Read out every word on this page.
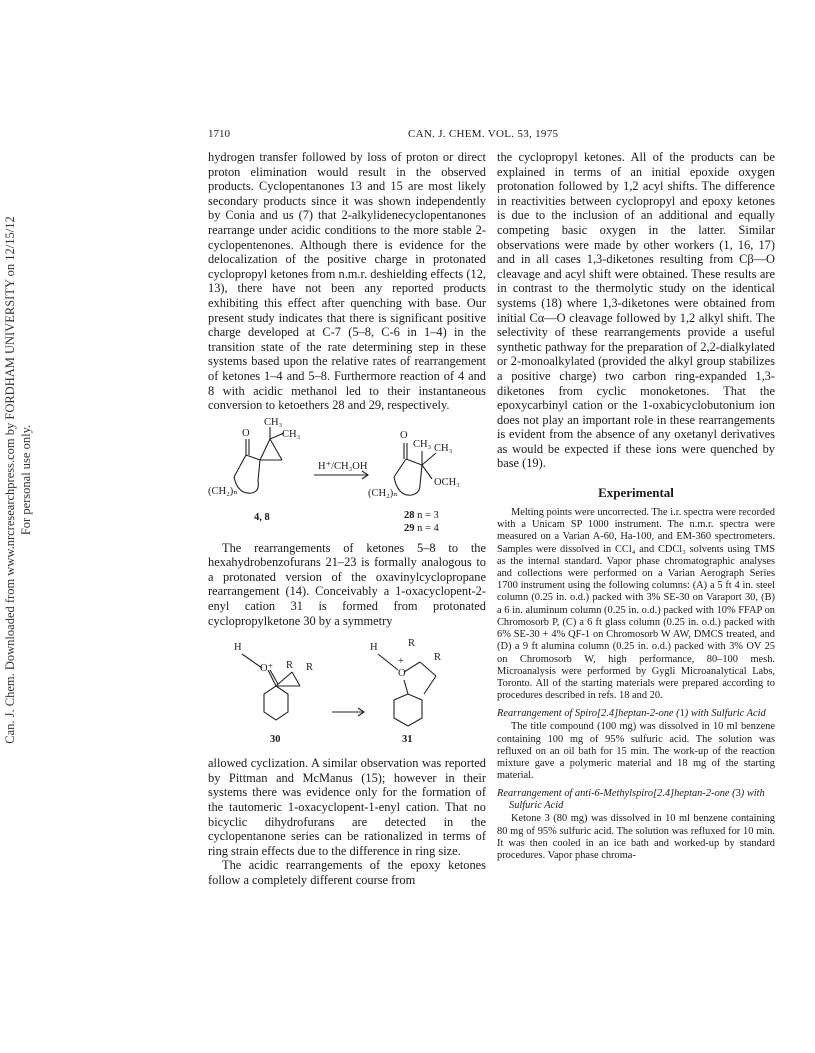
Can. J. Chem. Downloaded from www.nrcresearchpress.com by FORDHAM UNIVERSITY on 12/15/12 For personal use only.
1710	CAN. J. CHEM. VOL. 53, 1975

hydrogen transfer followed by loss of proton or direct proton elimination would result in the observed products. Cyclopentanones 13 and 15 are most likely secondary products since it was shown independently by Conia and us (7) that 2-alkylidenecyclopentanones rearrange under acidic conditions to the more stable 2-cyclopentenones. Although there is evidence for the delocalization of the positive charge in protonated cyclopropyl ketones from n.m.r. deshielding effects (12, 13), there have not been any reported products exhibiting this effect after quenching with base. Our present study indicates that there is significant positive charge developed at C-7 (5–8, C-6 in 1–4) in the transition state of the rate determining step in these systems based upon the relative rates of rearrangement of ketones 1–4 and 5–8. Furthermore reaction of 4 and 8 with acidic methanol led to their instantaneous conversion to ketoethers 28 and 29, respectively.

CH₃
CH₃
O
(CH₂)ₙ
4, 8
H⁺/CH₃OH
O
CH₃ CH₃
OCH₃
(CH₂)ₙ
28 n = 3
29 n = 4

The rearrangements of ketones 5–8 to the hexahydrobenzofurans 21–23 is formally analogous to a protonated version of the oxavinylcyclopropane rearrangement (14). Conceivably a 1-oxacyclopent-2-enyl cation 31 is formed from protonated cyclopropylketone 30 by a symmetry

H
O⁺ R R
30
H	R
R
+
O
31

allowed cyclization. A similar observation was reported by Pittman and McManus (15); however in their systems there was evidence only for the formation of the tautomeric 1-oxacyclopent-1-enyl cation. That no bicyclic dihydrofurans are detected in the cyclopentanone series can be rationalized in terms of ring strain effects due to the difference in ring size.

The acidic rearrangements of the epoxy ketones follow a completely different course from

the cyclopropyl ketones. All of the products can be explained in terms of an initial epoxide oxygen protonation followed by 1,2 acyl shifts. The difference in reactivities between cyclopropyl and epoxy ketones is due to the inclusion of an additional and equally competing basic oxygen in the latter. Similar observations were made by other workers (1, 16, 17) and in all cases 1,3-diketones resulting from Cβ—O cleavage and acyl shift were obtained. These results are in contrast to the thermolytic study on the identical systems (18) where 1,3-diketones were obtained from initial Cα—O cleavage followed by 1,2 alkyl shift. The selectivity of these rearrangements provide a useful synthetic pathway for the preparation of 2,2-dialkylated or 2-monoalkylated (provided the alkyl group stabilizes a positive charge) two carbon ring-expanded 1,3-diketones from cyclic monoketones. That the epoxycarbinyl cation or the 1-oxabicyclobutonium ion does not play an important role in these rearrangements is evident from the absence of any oxetanyl derivatives as would be expected if these ions were quenched by base (19).

Experimental

Melting points were uncorrected. The i.r. spectra were recorded with a Unicam SP 1000 instrument. The n.m.r. spectra were measured on a Varian A-60, Ha-100, and EM-360 spectrometers. Samples were dissolved in CCl₄ and CDCl₃ solvents using TMS as the internal standard. Vapor phase chromatographic analyses and collections were performed on a Varian Aerograph Series 1700 instrument using the following columns: (A) a 5 ft 4 in. steel column (0.25 in. o.d.) packed with 3% SE-30 on Varaport 30, (B) a 6 in. aluminum column (0.25 in. o.d.) packed with 10% FFAP on Chromosorb P, (C) a 6 ft glass column (0.25 in. o.d.) packed with 6% SE-30 + 4% QF-1 on Chromosorb W AW, DMCS treated, and (D) a 9 ft alumina column (0.25 in. o.d.) packed with 3% OV 25 on Chromosorb W, high performance, 80–100 mesh. Microanalysis were performed by Gygli Microanalytical Labs, Toronto. All of the starting materials were prepared according to procedures described in refs. 18 and 20.

Rearrangement of Spiro[2.4]heptan-2-one (1) with Sulfuric Acid

The title compound (100 mg) was dissolved in 10 ml benzene containing 100 mg of 95% sulfuric acid. The solution was refluxed on an oil bath for 15 min. The work-up of the reaction mixture gave a polymeric material and 18 mg of the starting material.

Rearrangement of anti-6-Methylspiro[2.4]heptan-2-one (3) with Sulfuric Acid

Ketone 3 (80 mg) was dissolved in 10 ml benzene containing 80 mg of 95% sulfuric acid. The solution was refluxed for 10 min. It was then cooled in an ice bath and worked-up by standard procedures. Vapor phase chroma-
